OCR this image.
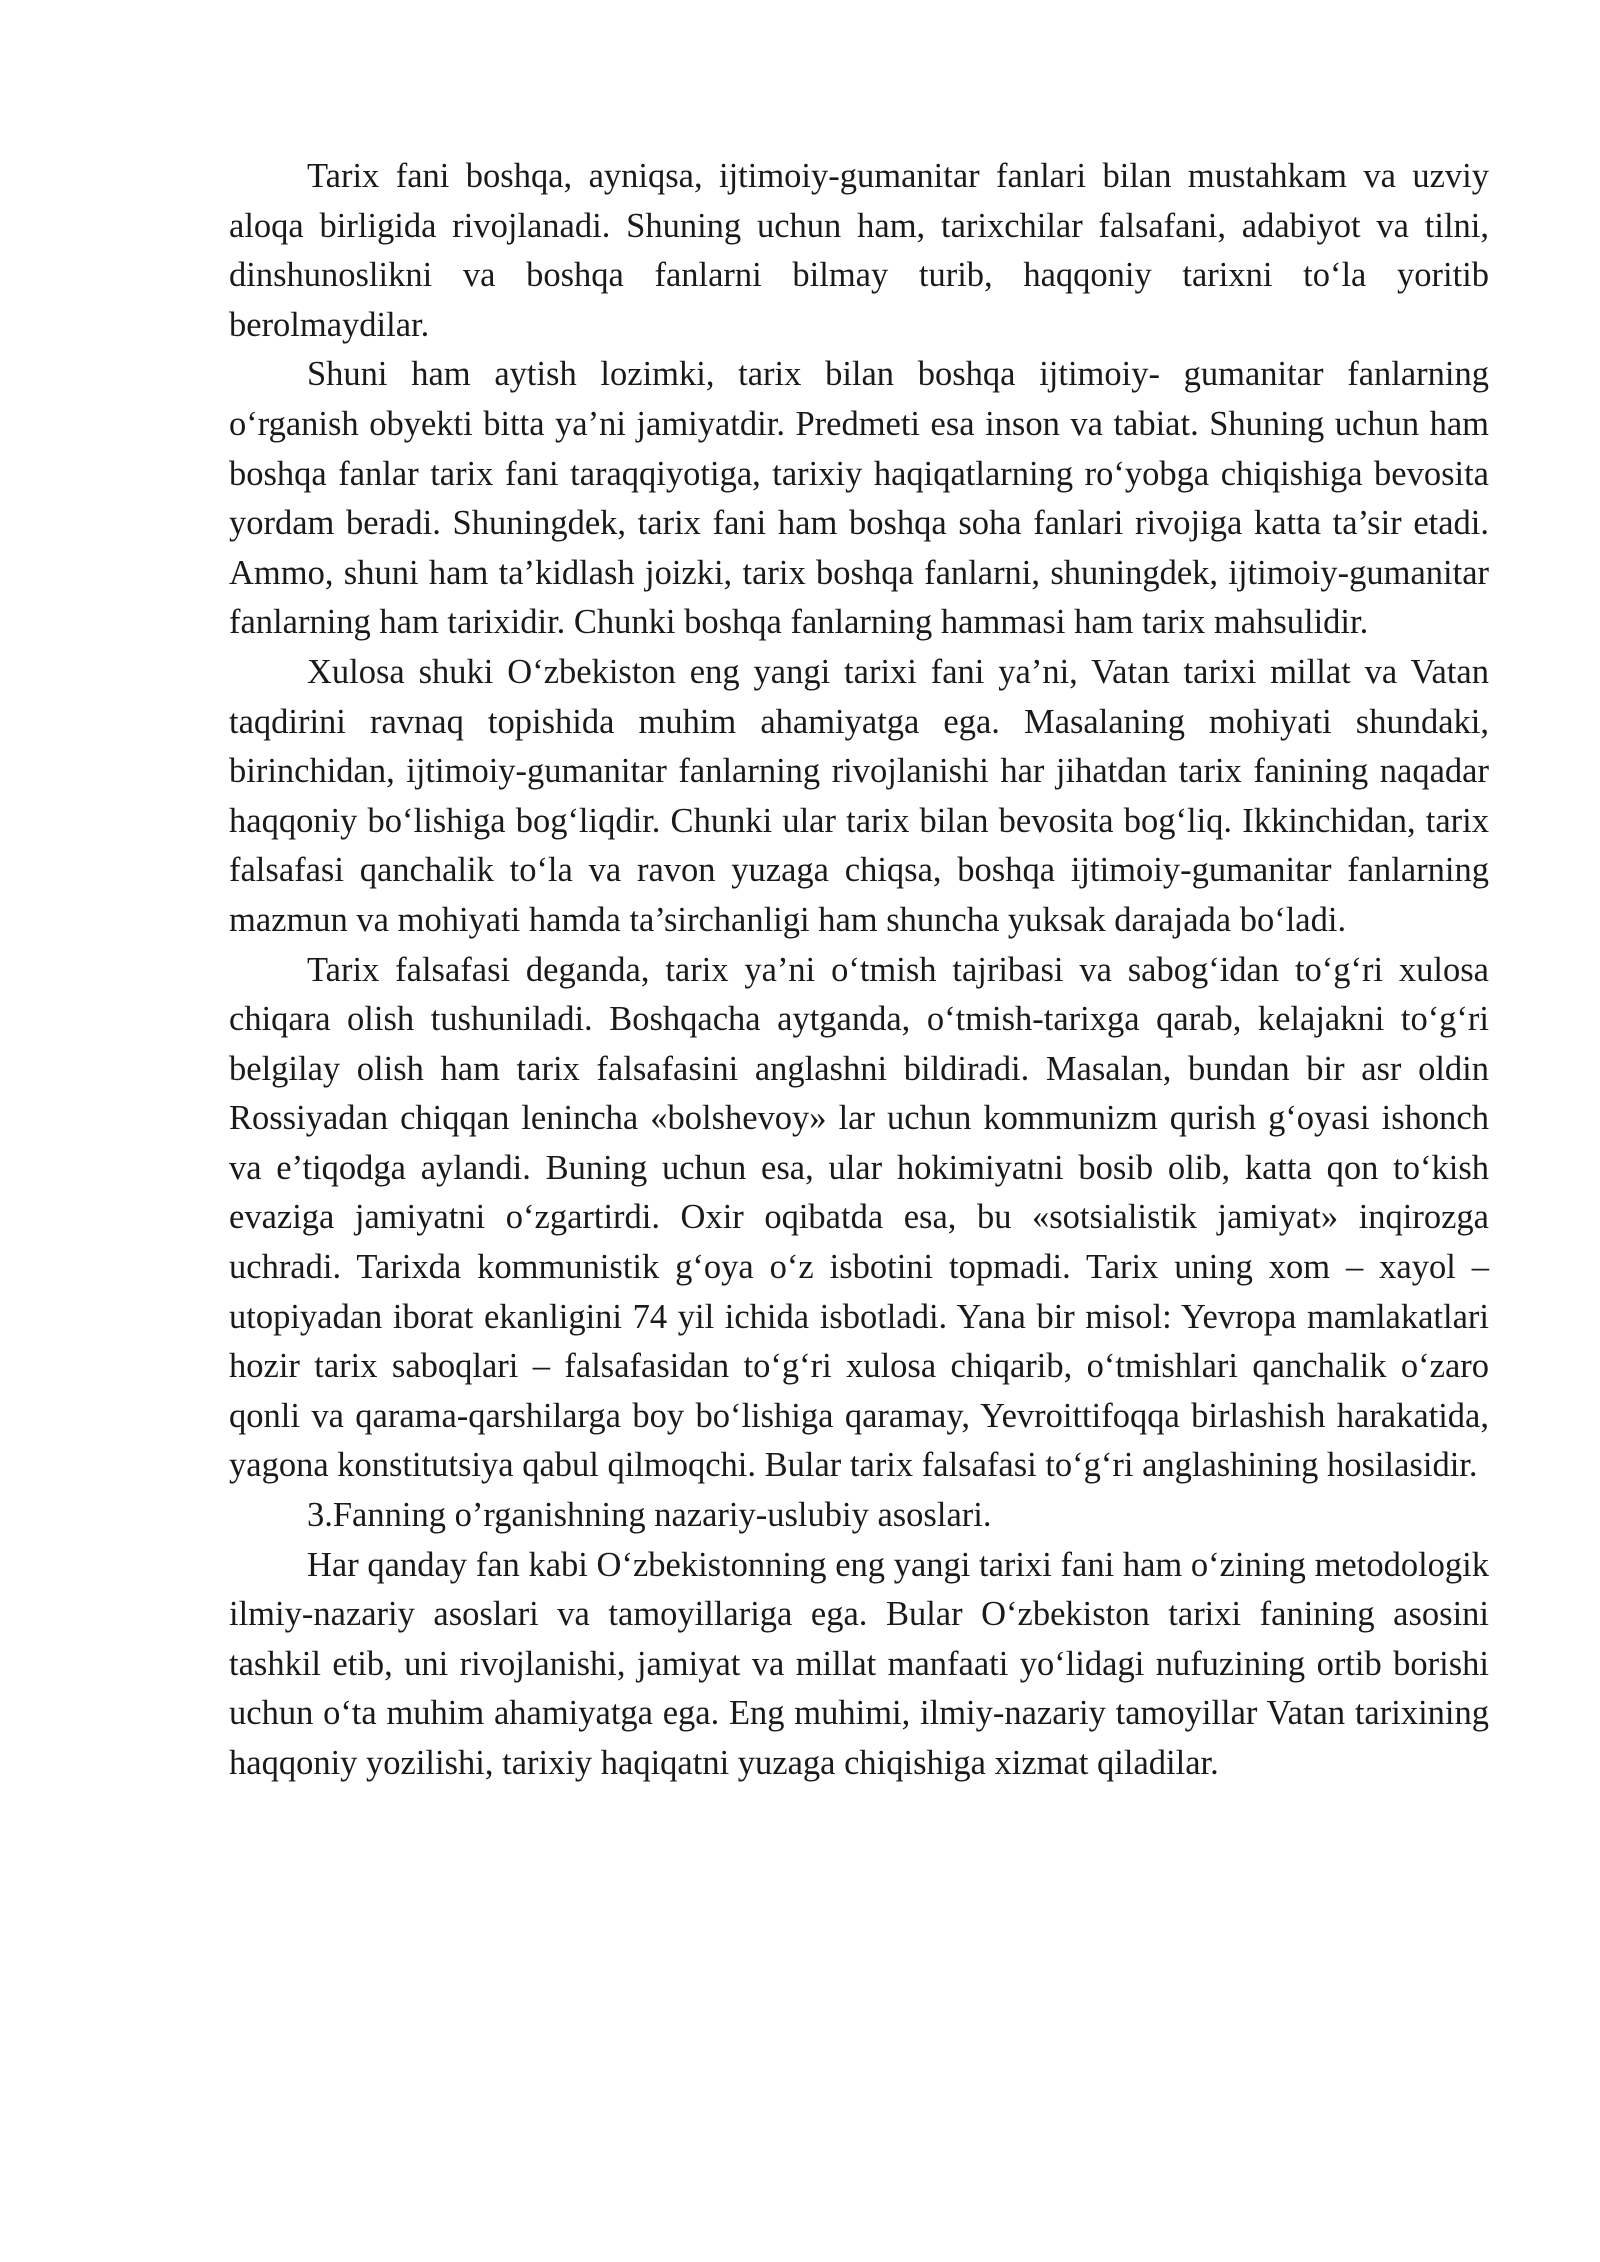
Tarix fani boshqa, ayniqsa, ijtimoiy-gumanitar fanlari bilan mustahkam va uzviy aloqa birligida rivojlanadi. Shuning uchun ham, tarixchilar falsafani, adabiyot va tilni, dinshunoslikni va boshqa fanlarni bilmay turib, haqqoniy tarixni to‘la yoritib berolmaydilar.

Shuni ham aytish lozimki, tarix bilan boshqa ijtimoiy- gumanitar fanlarning o‘rganish obyekti bitta ya’ni jamiyatdir. Predmeti esa inson va tabiat. Shuning uchun ham boshqa fanlar tarix fani taraqqiyotiga, tarixiy haqiqatlarning ro‘yobga chiqishiga bevosita yordam beradi. Shuningdek, tarix fani ham boshqa soha fanlari rivojiga katta ta’sir etadi. Ammo, shuni ham ta’kidlash joizki, tarix boshqa fanlarni, shuningdek, ijtimoiy-gumanitar fanlarning ham tarixidir. Chunki boshqa fanlarning hammasi ham tarix mahsulidir.

Xulosa shuki O‘zbekiston eng yangi tarixi fani ya’ni, Vatan tarixi millat va Vatan taqdirini ravnaq topishida muhim ahamiyatga ega. Masalaning mohiyati shundaki, birinchidan, ijtimoiy-gumanitar fanlarning rivojlanishi har jihatdan tarix fanining naqadar haqqoniy bo‘lishiga bog‘liqdir. Chunki ular tarix bilan bevosita bog‘liq. Ikkinchidan, tarix falsafasi qanchalik to‘la va ravon yuzaga chiqsa, boshqa ijtimoiy-gumanitar fanlarning mazmun va mohiyati hamda ta’sirchanligi ham shuncha yuksak darajada bo‘ladi.

Tarix falsafasi deganda, tarix ya’ni o‘tmish tajribasi va sabog‘idan to‘g‘ri xulosa chiqara olish tushuniladi. Boshqacha aytganda, o‘tmish-tarixga qarab, kelajakni to‘g‘ri belgilay olish ham tarix falsafasini anglashni bildiradi. Masalan, bundan bir asr oldin Rossiyadan chiqqan lenincha «bolshevoy» lar uchun kommunizm qurish g‘oyasi ishonch va e’tiqodga aylandi. Buning uchun esa, ular hokimiyatni bosib olib, katta qon to‘kish evaziga jamiyatni o‘zgartirdi. Oxir oqibatda esa, bu «sotsialistik jamiyat» inqirozga uchradi. Tarixda kommunistik g‘oya o‘z isbotini topmadi. Tarix uning xom – xayol – utopiyadan iborat ekanligini 74 yil ichida isbotladi. Yana bir misol: Yevropa mamlakatlari hozir tarix saboqlari – falsafasidan to‘g‘ri xulosa chiqarib, o‘tmishlari qanchalik o‘zaro qonli va qarama-qarshilarga boy bo‘lishiga qaramay, Yevroittifoqqa birlashish harakatida, yagona konstitutsiya qabul qilmoqchi. Bular tarix falsafasi to‘g‘ri anglashining hosilasidir.

3.Fanning o’rganishning nazariy-uslubiy asoslari.

Har qanday fan kabi O‘zbekistonning eng yangi tarixi fani ham o‘zining metodologik ilmiy-nazariy asoslari va tamoyillariga ega. Bular O‘zbekiston tarixi fanining asosini tashkil etib, uni rivojlanishi, jamiyat va millat manfaati yo‘lidagi nufuzining ortib borishi uchun o‘ta muhim ahamiyatga ega. Eng muhimi, ilmiy-nazariy tamoyillar Vatan tarixining haqqoniy yozilishi, tarixiy haqiqatni yuzaga chiqishiga xizmat qiladilar.
